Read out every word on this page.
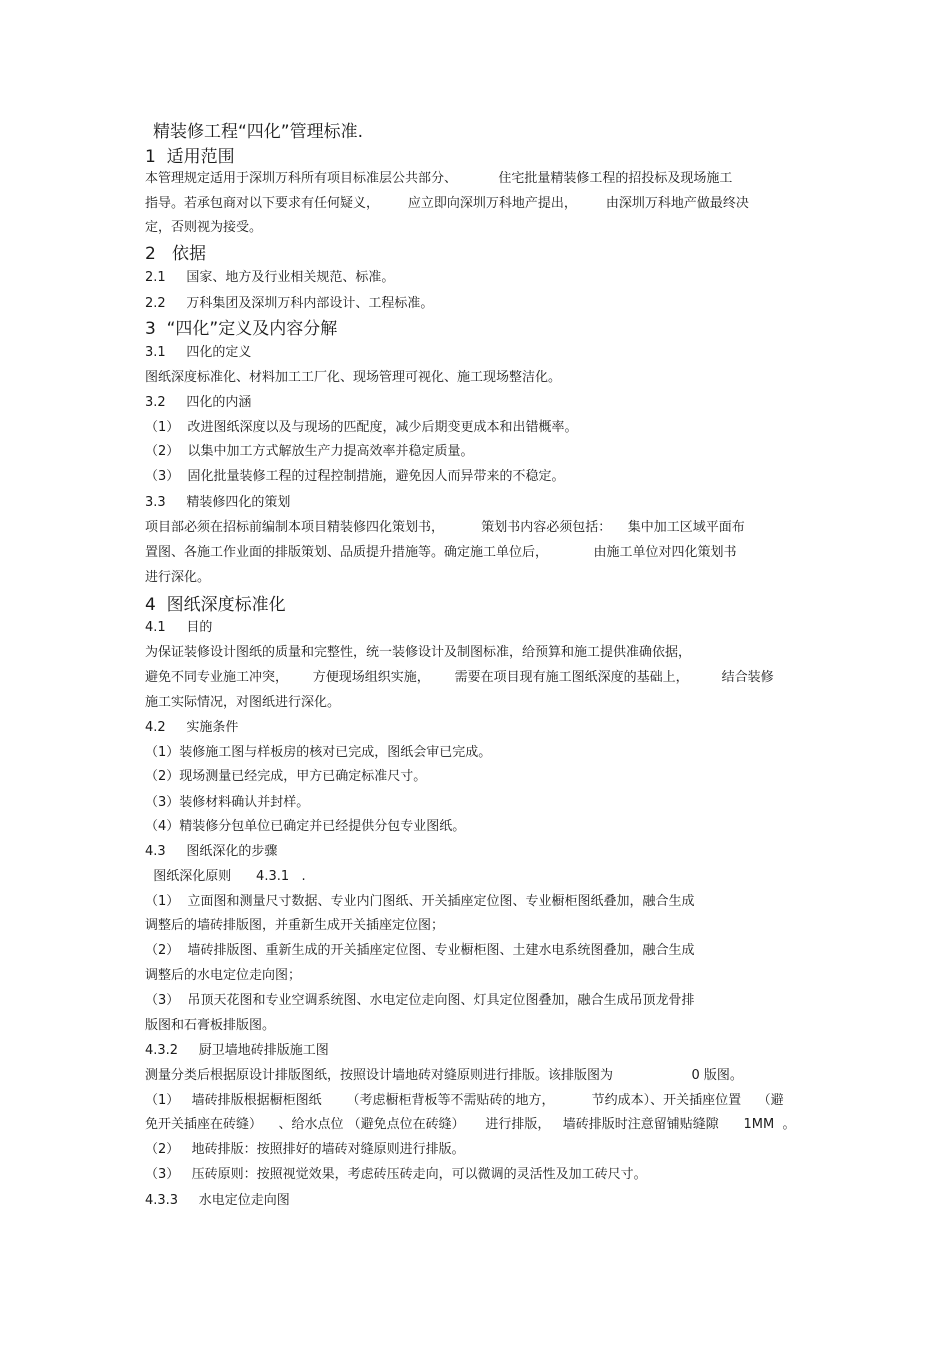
精装修工程“四化”管理标准.
1  适用范围
本管理规定适用于深圳万科所有项目标准层公共部分、          住宅批量精装修工程的招投标及现场施工
指导。若承包商对以下要求有任何疑义，       应立即向深圳万科地产提出，       由深圳万科地产做最终决
定，否则视为接受。
2   依据
2.1     国家、地方及行业相关规范、标准。
2.2     万科集团及深圳万科内部设计、工程标准。
3  “四化”定义及内容分解
3.1     四化的定义
图纸深度标准化、材料加工工厂化、现场管理可视化、施工现场整洁化。
3.2     四化的内涵
（1）  改进图纸深度以及与现场的匹配度，减少后期变更成本和出错概率。
（2）  以集中加工方式解放生产力提高效率并稳定质量。
（3）  固化批量装修工程的过程控制措施，避免因人而异带来的不稳定。
3.3     精装修四化的策划
项目部必须在招标前编制本项目精装修四化策划书，         策划书内容必须包括：    集中加工区域平面布
置图、各施工作业面的排版策划、品质提升措施等。确定施工单位后，           由施工单位对四化策划书
进行深化。
4  图纸深度标准化
4.1     目的
为保证装修设计图纸的质量和完整性，统一装修设计及制图标准，给预算和施工提供准确依据，
避免不同专业施工冲突，      方便现场组织实施，      需要在项目现有施工图纸深度的基础上，        结合装修
施工实际情况，对图纸进行深化。
4.2     实施条件
（1）装修施工图与样板房的核对已完成，图纸会审已完成。
（2）现场测量已经完成，甲方已确定标准尺寸。
（3）装修材料确认并封样。
（4）精装修分包单位已确定并已经提供分包专业图纸。
4.3     图纸深化的步骤
图纸深化原则      4.3.1   .
（1）  立面图和测量尺寸数据、专业内门图纸、开关插座定位图、专业橱柜图纸叠加，融合生成
调整后的墙砖排版图，并重新生成开关插座定位图；
（2）  墙砖排版图、重新生成的开关插座定位图、专业橱柜图、土建水电系统图叠加，融合生成
调整后的水电定位走向图；
（3）  吊顶天花图和专业空调系统图、水电定位走向图、灯具定位图叠加，融合生成吊顶龙骨排
版图和石膏板排版图。
4.3.2     厨卫墙地砖排版施工图
测量分类后根据原设计排版图纸，按照设计墙地砖对缝原则进行排版。该排版图为                   0 版图。
（1）   墙砖排版根据橱柜图纸      （考虑橱柜背板等不需贴砖的地方，         节约成本）、开关插座位置    （避
免开关插座在砖缝）    、给水点位 （避免点位在砖缝）     进行排版，   墙砖排版时注意留铺贴缝隙      1MM  。
（2）   地砖排版：按照排好的墙砖对缝原则进行排版。
（3）   压砖原则：按照视觉效果，考虑砖压砖走向，可以微调的灵活性及加工砖尺寸。
4.3.3     水电定位走向图
